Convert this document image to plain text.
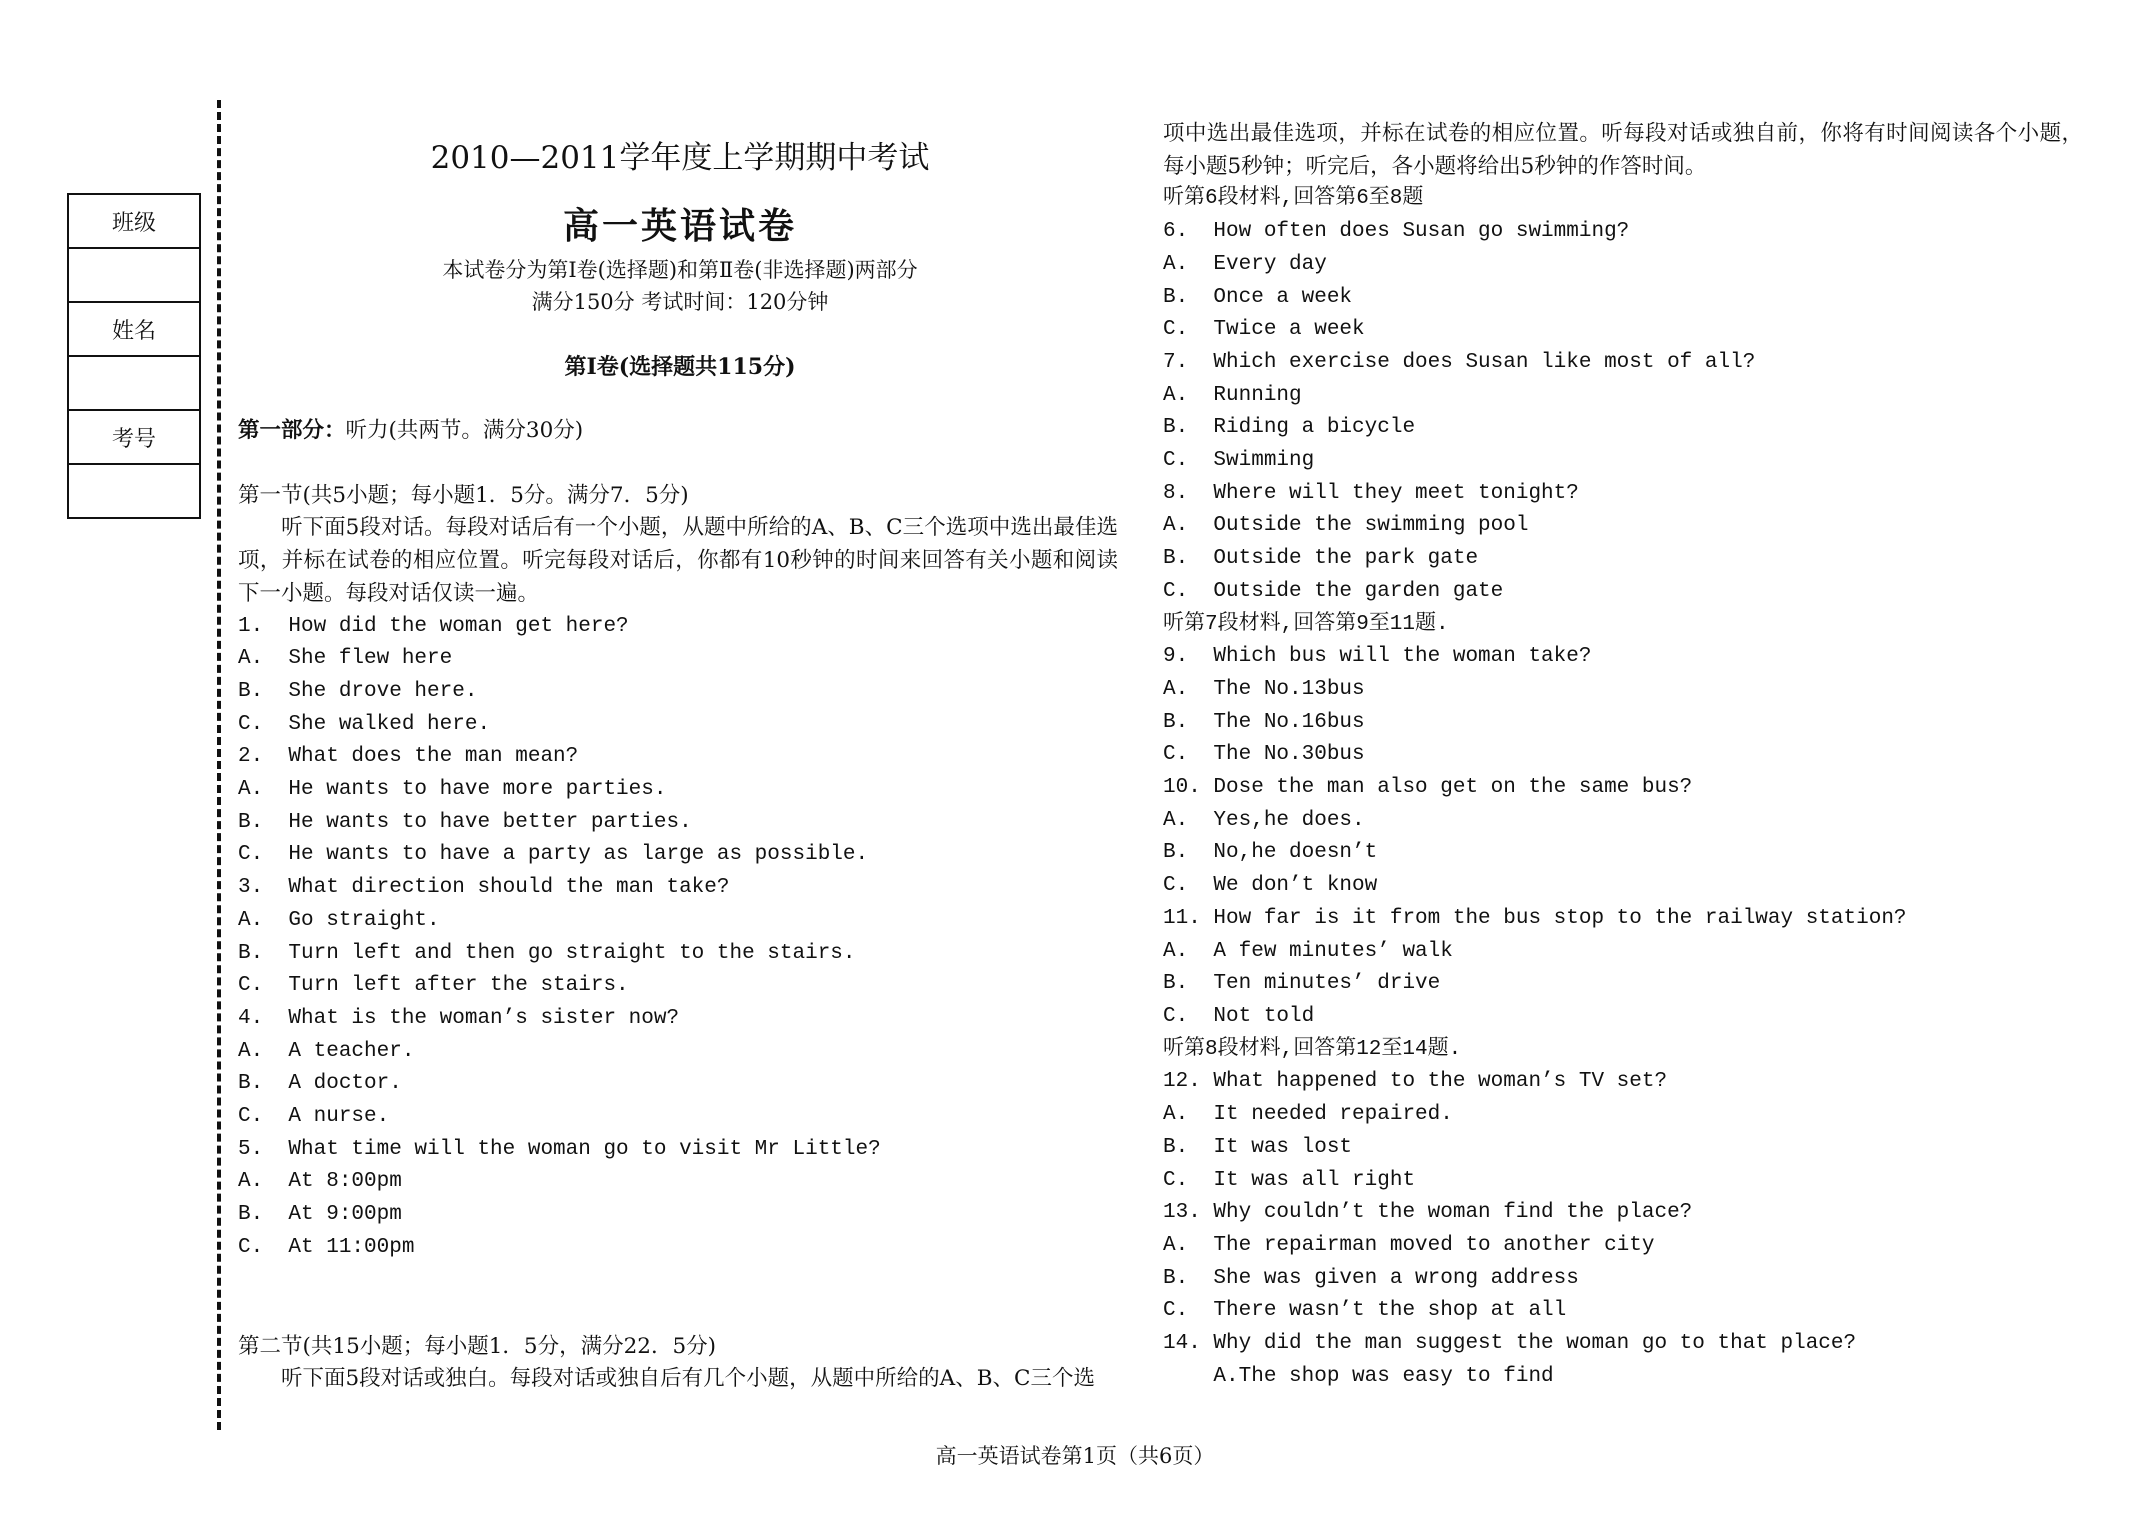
班级
姓名
考号
2010—2011学年度上学期期中考试
高一英语试卷
本试卷分为第Ⅰ卷(选择题)和第Ⅱ卷(非选择题)两部分
满分150分 考试时间：120分钟
第Ⅰ卷(选择题共115分)
第一部分：听力(共两节。满分30分)
第一节(共5小题；每小题1．5分。满分7．5分)
　　听下面5段对话。每段对话后有一个小题，从题中所给的A、B、C三个选项中选出最佳选项，并标在试卷的相应位置。听完每段对话后，你都有10秒钟的时间来回答有关小题和阅读下一小题。每段对话仅读一遍。
1.  How did the woman get here?
A.  She flew here
B.  She drove here.
C.  She walked here.
2.  What does the man mean?
A.  He wants to have more parties.
B.  He wants to have better parties.
C.  He wants to have a party as large as possible.
3.  What direction should the man take?
A.  Go straight.
B.  Turn left and then go straight to the stairs.
C.  Turn left after the stairs.
4.  What is the woman’s sister now?
A.  A teacher.
B.  A doctor.
C.  A nurse.
5.  What time will the woman go to visit Mr Little?
A.  At 8:00pm
B.  At 9:00pm
C.  At 11:00pm
第二节(共15小题；每小题1．5分，满分22．5分)
　　听下面5段对话或独白。每段对话或独自后有几个小题，从题中所给的A、B、C三个选
项中选出最佳选项，并标在试卷的相应位置。听每段对话或独自前，你将有时间阅读各个小题，每小题5秒钟；听完后，各小题将给出5秒钟的作答时间。
听第6段材料,回答第6至8题
6.  How often does Susan go swimming?
A.  Every day
B.  Once a week
C.  Twice a week
7.  Which exercise does Susan like most of all?
A.  Running
B.  Riding a bicycle
C.  Swimming
8.  Where will they meet tonight?
A.  Outside the swimming pool
B.  Outside the park gate
C.  Outside the garden gate
听第7段材料,回答第9至11题.
9.  Which bus will the woman take?
A.  The No.13bus
B.  The No.16bus
C.  The No.30bus
10. Dose the man also get on the same bus?
A.  Yes,he does.
B.  No,he doesn’t
C.  We don’t know
11. How far is it from the bus stop to the railway station?
A.  A few minutes’ walk
B.  Ten minutes’ drive
C.  Not told
听第8段材料,回答第12至14题.
12. What happened to the woman’s TV set?
A.  It needed repaired.
B.  It was lost
C.  It was all right
13. Why couldn’t the woman find the place?
A.  The repairman moved to another city
B.  She was given a wrong address
C.  There wasn’t the shop at all
14. Why did the man suggest the woman go to that place?
A.The shop was easy to find
高一英语试卷第1页（共6页）
